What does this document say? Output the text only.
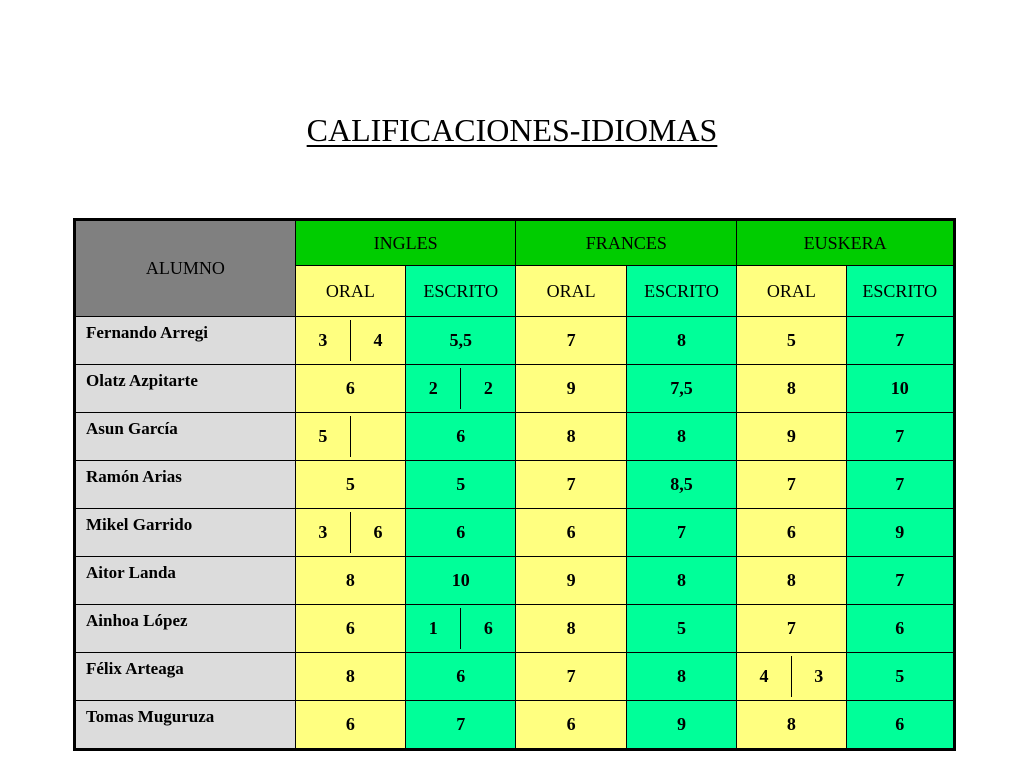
CALIFICACIONES-IDIOMAS
ALUMNO	INGLES		FRANCES		EUSKERA	
	ORAL	ESCRITO	ORAL	ESCRITO	ORAL	ESCRITO
Fernando Arregi	3 4	5,5	7	8	5	7
Olatz Azpitarte	6	2 2	9	7,5	8	10
Asun García	5	6	8	8	9	7
Ramón Arias	5	5	7	8,5	7	7
Mikel Garrido	3 6	6	6	7	6	9
Aitor Landa	8	10	9	8	8	7
Ainhoa López	6	1 6	8	5	7	6
Félix Arteaga	8	6	7	8	4 3	5
Tomas Muguruza	6	7	6	9	8	6
